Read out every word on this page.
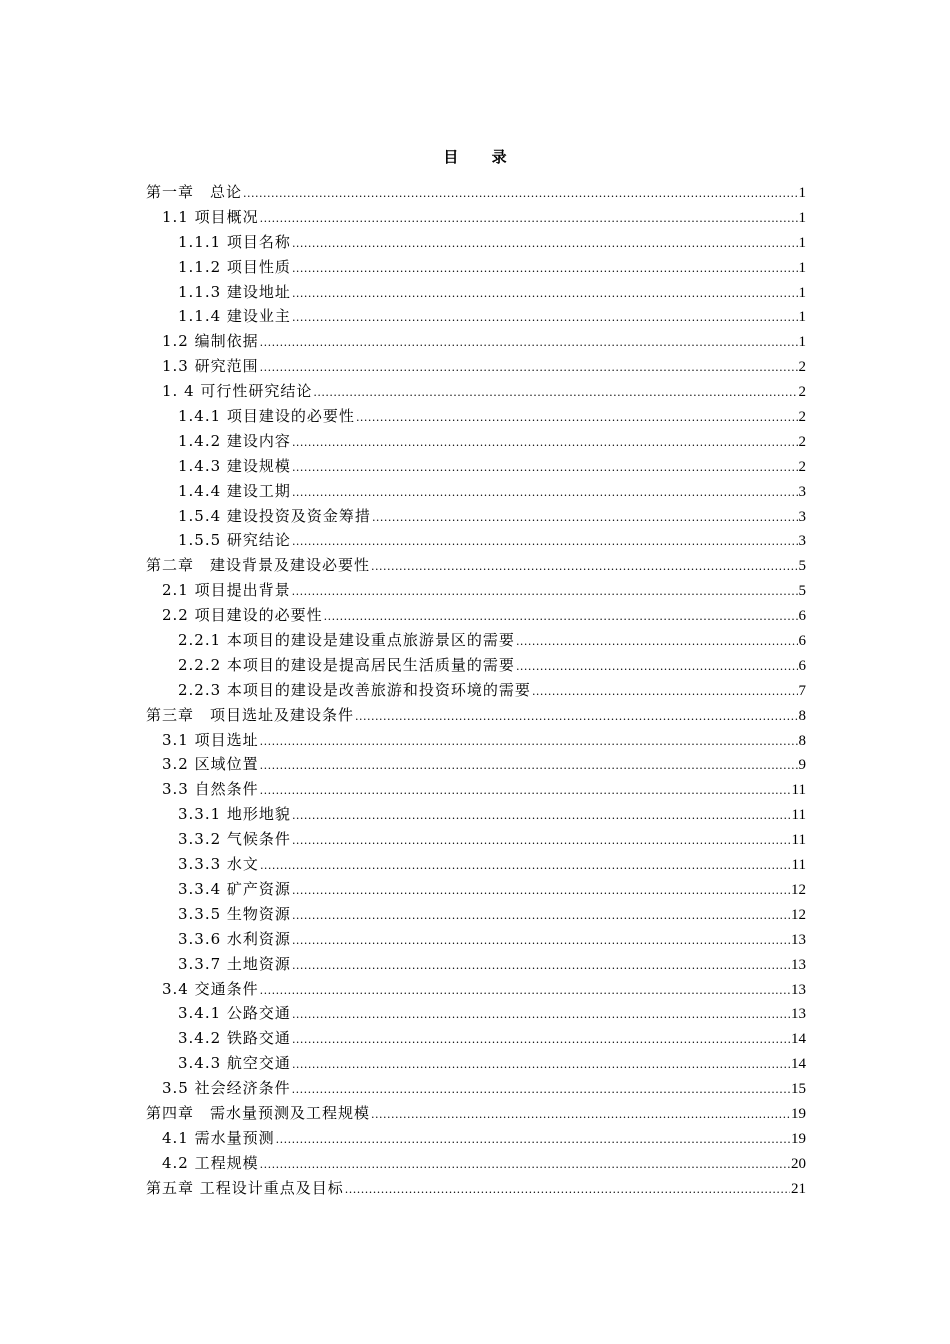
目 录
第一章　总论 .....	1
1.1 项目概况 .....	1
1.1.1 项目名称 .....	1
1.1.2 项目性质 .....	1
1.1.3 建设地址 .....	1
1.1.4 建设业主 .....	1
1.2 编制依据 .....	1
1.3 研究范围 .....	2
1. 4 可行性研究结论 .....	2
1.4.1 项目建设的必要性 .....	2
1.4.2 建设内容 .....	2
1.4.3 建设规模 .....	2
1.4.4 建设工期 .....	3
1.5.4 建设投资及资金筹措 .....	3
1.5.5 研究结论 .....	3
第二章　建设背景及建设必要性 .....	5
2.1 项目提出背景 .....	5
2.2 项目建设的必要性 .....	6
2.2.1 本项目的建设是建设重点旅游景区的需要 .....	6
2.2.2 本项目的建设是提高居民生活质量的需要 .....	6
2.2.3 本项目的建设是改善旅游和投资环境的需要 .....	7
第三章　项目选址及建设条件 .....	8
3.1 项目选址 .....	8
3.2 区域位置 .....	9
3.3 自然条件 .....	11
3.3.1 地形地貌 .....	11
3.3.2 气候条件 .....	11
3.3.3 水文 .....	11
3.3.4 矿产资源 .....	12
3.3.5 生物资源 .....	12
3.3.6 水利资源 .....	13
3.3.7 土地资源 .....	13
3.4 交通条件 .....	13
3.4.1 公路交通 .....	13
3.4.2 铁路交通 .....	14
3.4.3 航空交通 .....	14
3.5 社会经济条件 .....	15
第四章　需水量预测及工程规模 .....	19
4.1 需水量预测 .....	19
4.2 工程规模 .....	20
第五章 工程设计重点及目标 .....	21
